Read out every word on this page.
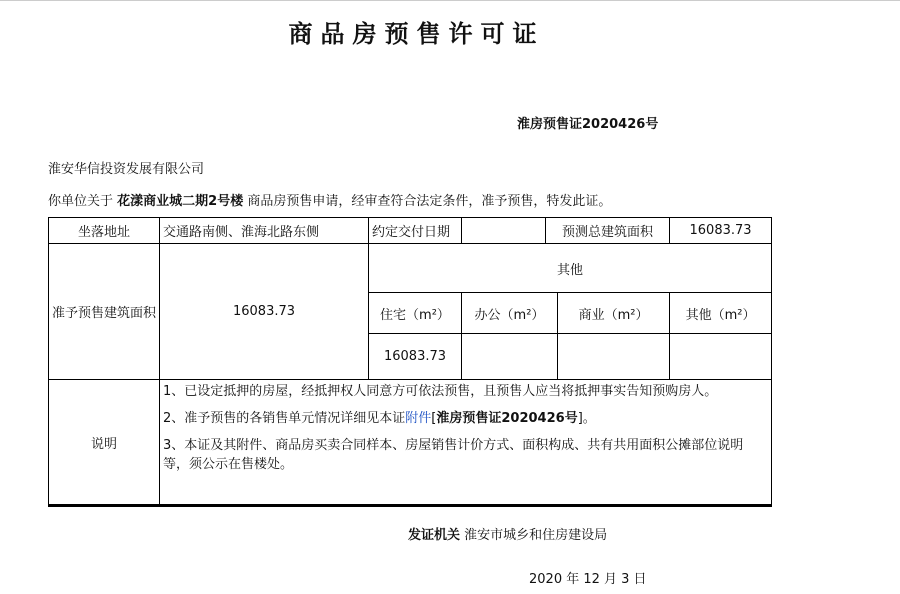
商品房预售许可证
淮房预售证2020426号
淮安华信投资发展有限公司
你单位关于 花漾商业城二期2号楼 商品房预售申请，经审查符合法定条件，准予预售，特发此证。
坐落地址	交通路南侧、淮海北路东侧	约定交付日期		预测总建筑面积		16083.73
准予预售建筑面积	16083.73	其他				
		住宅（m²）	办公（m²）		商业（m²）	其他（m²）
		16083.73				
说明	1、已设定抵押的房屋，经抵押权人同意方可依法预售，且预售人应当将抵押事实告知预购房人。
2、准予预售的各销售单元情况详细见本证附件[淮房预售证2020426号]。
3、本证及其附件、商品房买卖合同样本、房屋销售计价方式、面积构成、共有共用面积公摊部位说明等，须公示在售楼处。					
发证机关 淮安市城乡和住房建设局
2020 年 12 月 3 日
